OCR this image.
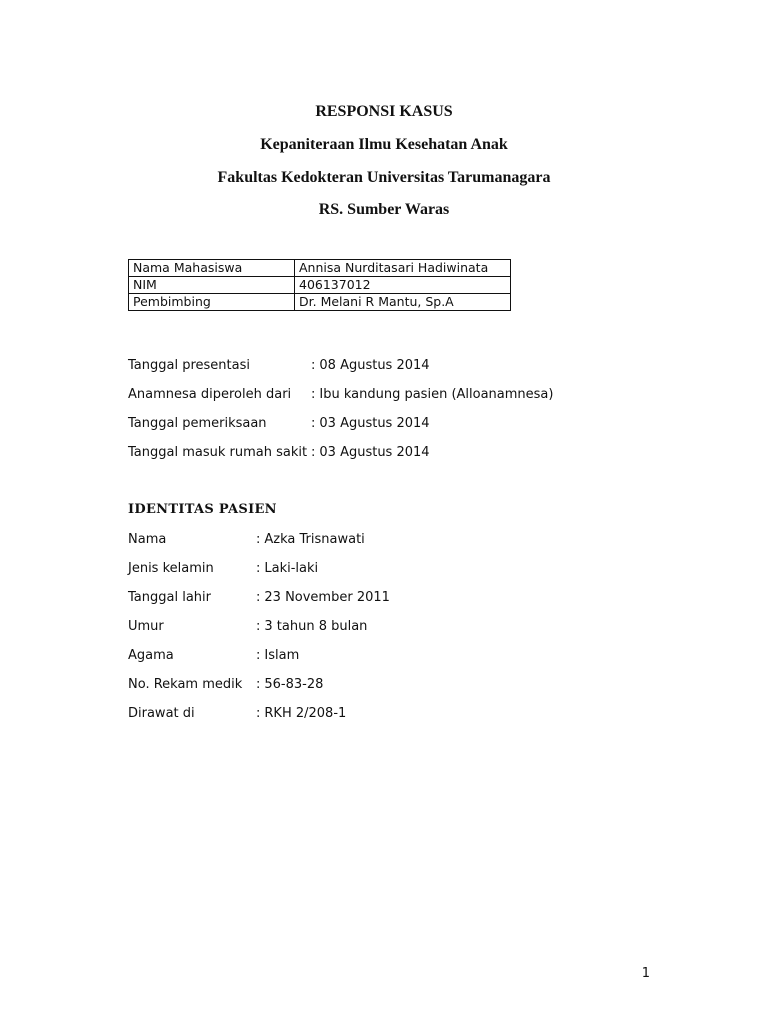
RESPONSI KASUS
Kepaniteraan Ilmu Kesehatan Anak
Fakultas Kedokteran Universitas Tarumanagara
RS. Sumber Waras
Nama Mahasiswa	Annisa Nurditasari Hadiwinata
NIM	406137012
Pembimbing	Dr. Melani R Mantu, Sp.A
Tanggal presentasi	: 08 Agustus 2014
Anamnesa diperoleh dari : Ibu kandung pasien (Alloanamnesa)
Tanggal pemeriksaan	: 03 Agustus 2014
Tanggal masuk rumah sakit : 03 Agustus 2014
IDENTITAS PASIEN
Nama	: Azka Trisnawati
Jenis kelamin	: Laki-laki
Tanggal lahir	: 23 November 2011
Umur	: 3 tahun 8 bulan
Agama	: Islam
No. Rekam medik : 56-83-28
Dirawat di	: RKH 2/208-1
1
